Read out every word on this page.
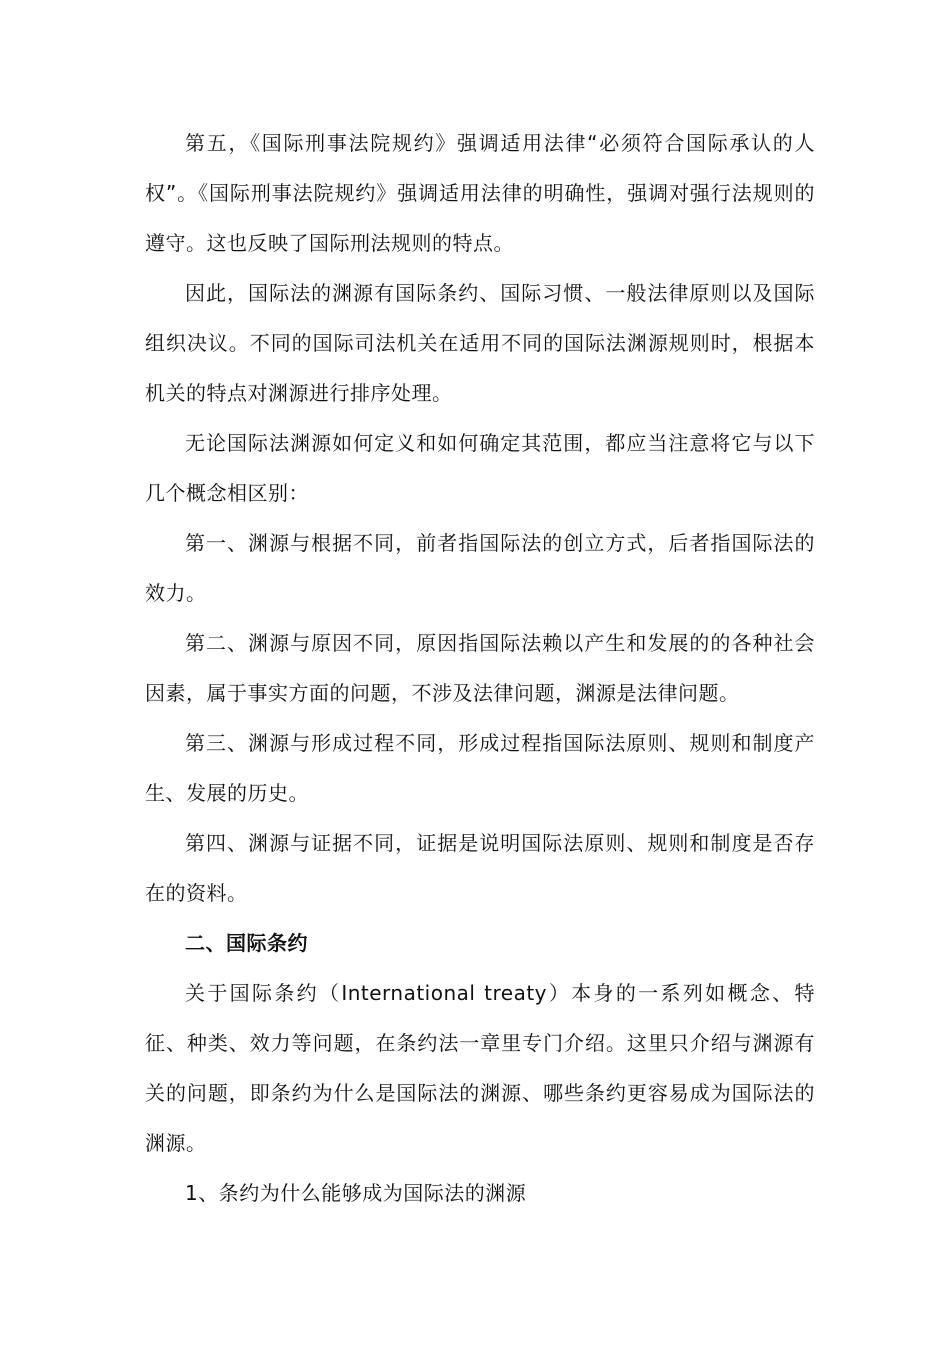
第五，《国际刑事法院规约》强调适用法律“必须符合国际承认的人权”。《国际刑事法院规约》强调适用法律的明确性，强调对强行法规则的遵守。这也反映了国际刑法规则的特点。

因此，国际法的渊源有国际条约、国际习惯、一般法律原则以及国际组织决议。不同的国际司法机关在适用不同的国际法渊源规则时，根据本机关的特点对渊源进行排序处理。

无论国际法渊源如何定义和如何确定其范围，都应当注意将它与以下几个概念相区别：

第一、渊源与根据不同，前者指国际法的创立方式，后者指国际法的效力。

第二、渊源与原因不同，原因指国际法赖以产生和发展的的各种社会因素，属于事实方面的问题，不涉及法律问题，渊源是法律问题。

第三、渊源与形成过程不同，形成过程指国际法原则、规则和制度产生、发展的历史。

第四、渊源与证据不同，证据是说明国际法原则、规则和制度是否存在的资料。

二、国际条约

关于国际条约（International treaty）本身的一系列如概念、特征、种类、效力等问题，在条约法一章里专门介绍。这里只介绍与渊源有关的问题，即条约为什么是国际法的渊源、哪些条约更容易成为国际法的渊源。

1、条约为什么能够成为国际法的渊源
